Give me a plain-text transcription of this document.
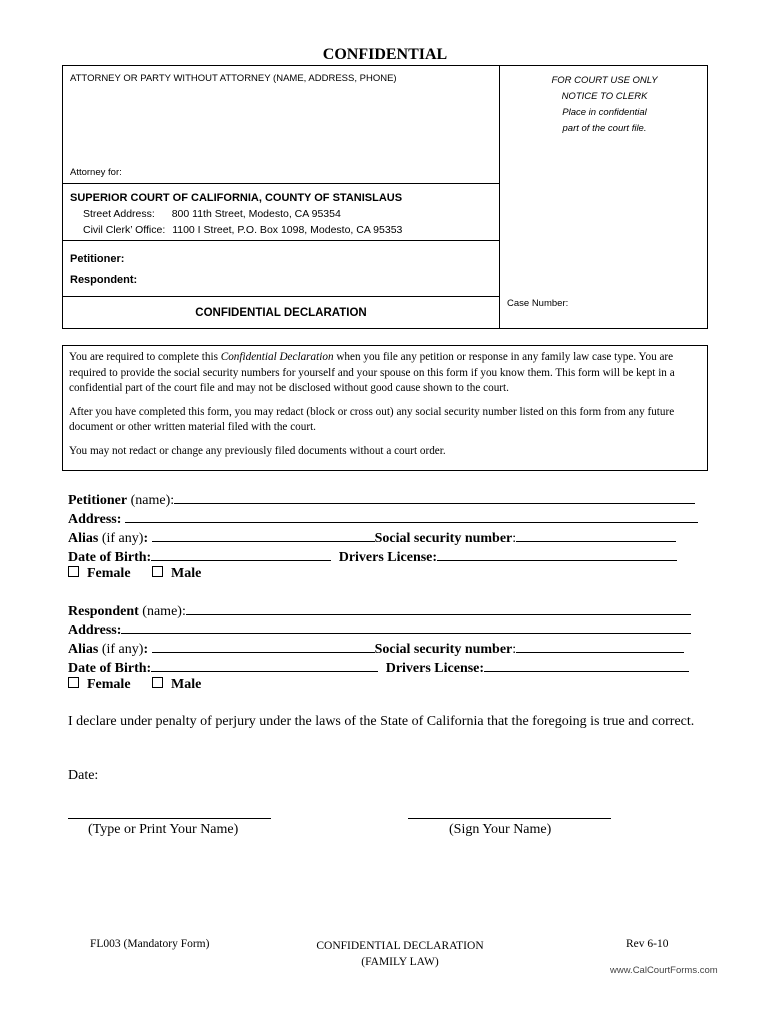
CONFIDENTIAL
ATTORNEY OR PARTY WITHOUT ATTORNEY (NAME, ADDRESS, PHONE)
Attorney for:
FOR COURT USE ONLY
NOTICE TO CLERK
Place in confidential
part of the court file.
SUPERIOR COURT OF CALIFORNIA, COUNTY OF STANISLAUS
Street Address: 800 11th Street, Modesto, CA 95354
Civil Clerk’ Office: 1100 I Street, P.O. Box 1098, Modesto, CA 95353
Petitioner:
Respondent:
CONFIDENTIAL DECLARATION
Case Number:

You are required to complete this Confidential Declaration when you file any petition or response in any family law case type. You are required to provide the social security numbers for yourself and your spouse on this form if you know them. This form will be kept in a confidential part of the court file and may not be disclosed without good cause shown to the court.

After you have completed this form, you may redact (block or cross out) any social security number listed on this form from any future document or other written material filed with the court.

You may not redact or change any previously filed documents without a court order.

Petitioner (name):
Address:
Alias (if any):	Social security number:
Date of Birth:	Drivers License:
Female	Male
Respondent (name):
Address:
Alias (if any):	Social security number:
Date of Birth:	Drivers License:
Female	Male
I declare under penalty of perjury under the laws of the State of California that the foregoing is true and correct.
Date:
(Type or Print Your Name)	(Sign Your Name)
FL003 (Mandatory Form)	CONFIDENTIAL DECLARATION
(FAMILY LAW)
Rev 6-10
www.CalCourtForms.com
